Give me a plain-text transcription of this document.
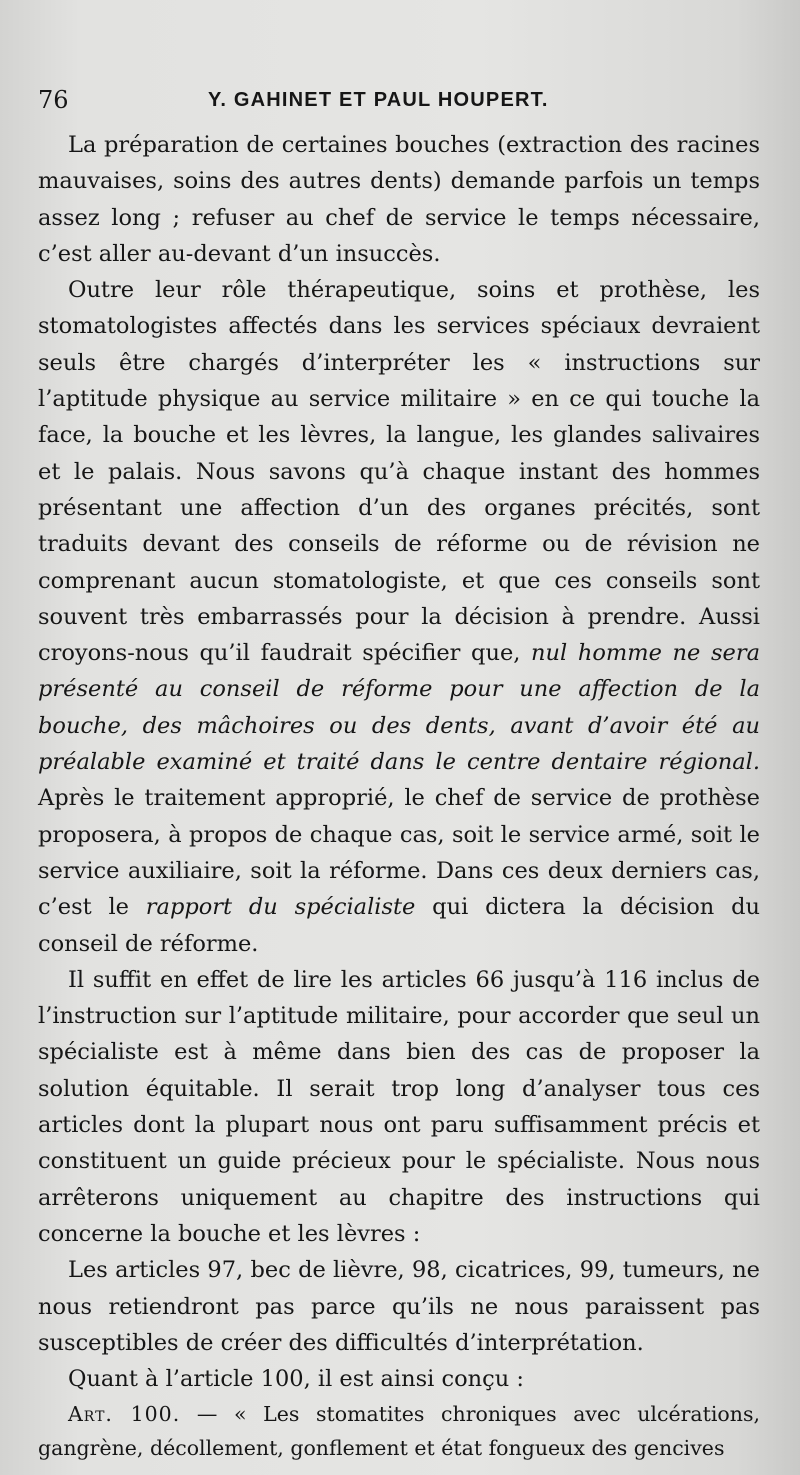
76	Y. GAHINET ET PAUL HOUPERT.

La préparation de certaines bouches (extraction des racines mauvaises, soins des autres dents) demande parfois un temps assez long ; refuser au chef de service le temps nécessaire, c’est aller au-devant d’un insuccès.

Outre leur rôle thérapeutique, soins et prothèse, les stomatologistes affectés dans les services spéciaux devraient seuls être chargés d’interpréter les « instructions sur l’aptitude physique au service militaire » en ce qui touche la face, la bouche et les lèvres, la langue, les glandes salivaires et le palais. Nous savons qu’à chaque instant des hommes présentant une affection d’un des organes précités, sont traduits devant des conseils de réforme ou de révision ne comprenant aucun stomatologiste, et que ces conseils sont souvent très embarrassés pour la décision à prendre. Aussi croyons-nous qu’il faudrait spécifier que, nul homme ne sera présenté au conseil de réforme pour une affection de la bouche, des mâchoires ou des dents, avant d’avoir été au préalable examiné et traité dans le centre dentaire régional. Après le traitement approprié, le chef de service de prothèse proposera, à propos de chaque cas, soit le service armé, soit le service auxiliaire, soit la réforme. Dans ces deux derniers cas, c’est le rapport du spécialiste qui dictera la décision du conseil de réforme.

Il suffit en effet de lire les articles 66 jusqu’à 116 inclus de l’instruction sur l’aptitude militaire, pour accorder que seul un spécialiste est à même dans bien des cas de proposer la solution équitable. Il serait trop long d’analyser tous ces articles dont la plupart nous ont paru suffisamment précis et constituent un guide précieux pour le spécialiste. Nous nous arrêterons uniquement au chapitre des instructions qui concerne la bouche et les lèvres :

Les articles 97, bec de lièvre, 98, cicatrices, 99, tumeurs, ne nous retiendront pas parce qu’ils ne nous paraissent pas susceptibles de créer des difficultés d’interprétation.

Quant à l’article 100, il est ainsi conçu :

Art. 100. — « Les stomatites chroniques avec ulcérations, gangrène, décollement, gonflement et état fongueux des gencives
